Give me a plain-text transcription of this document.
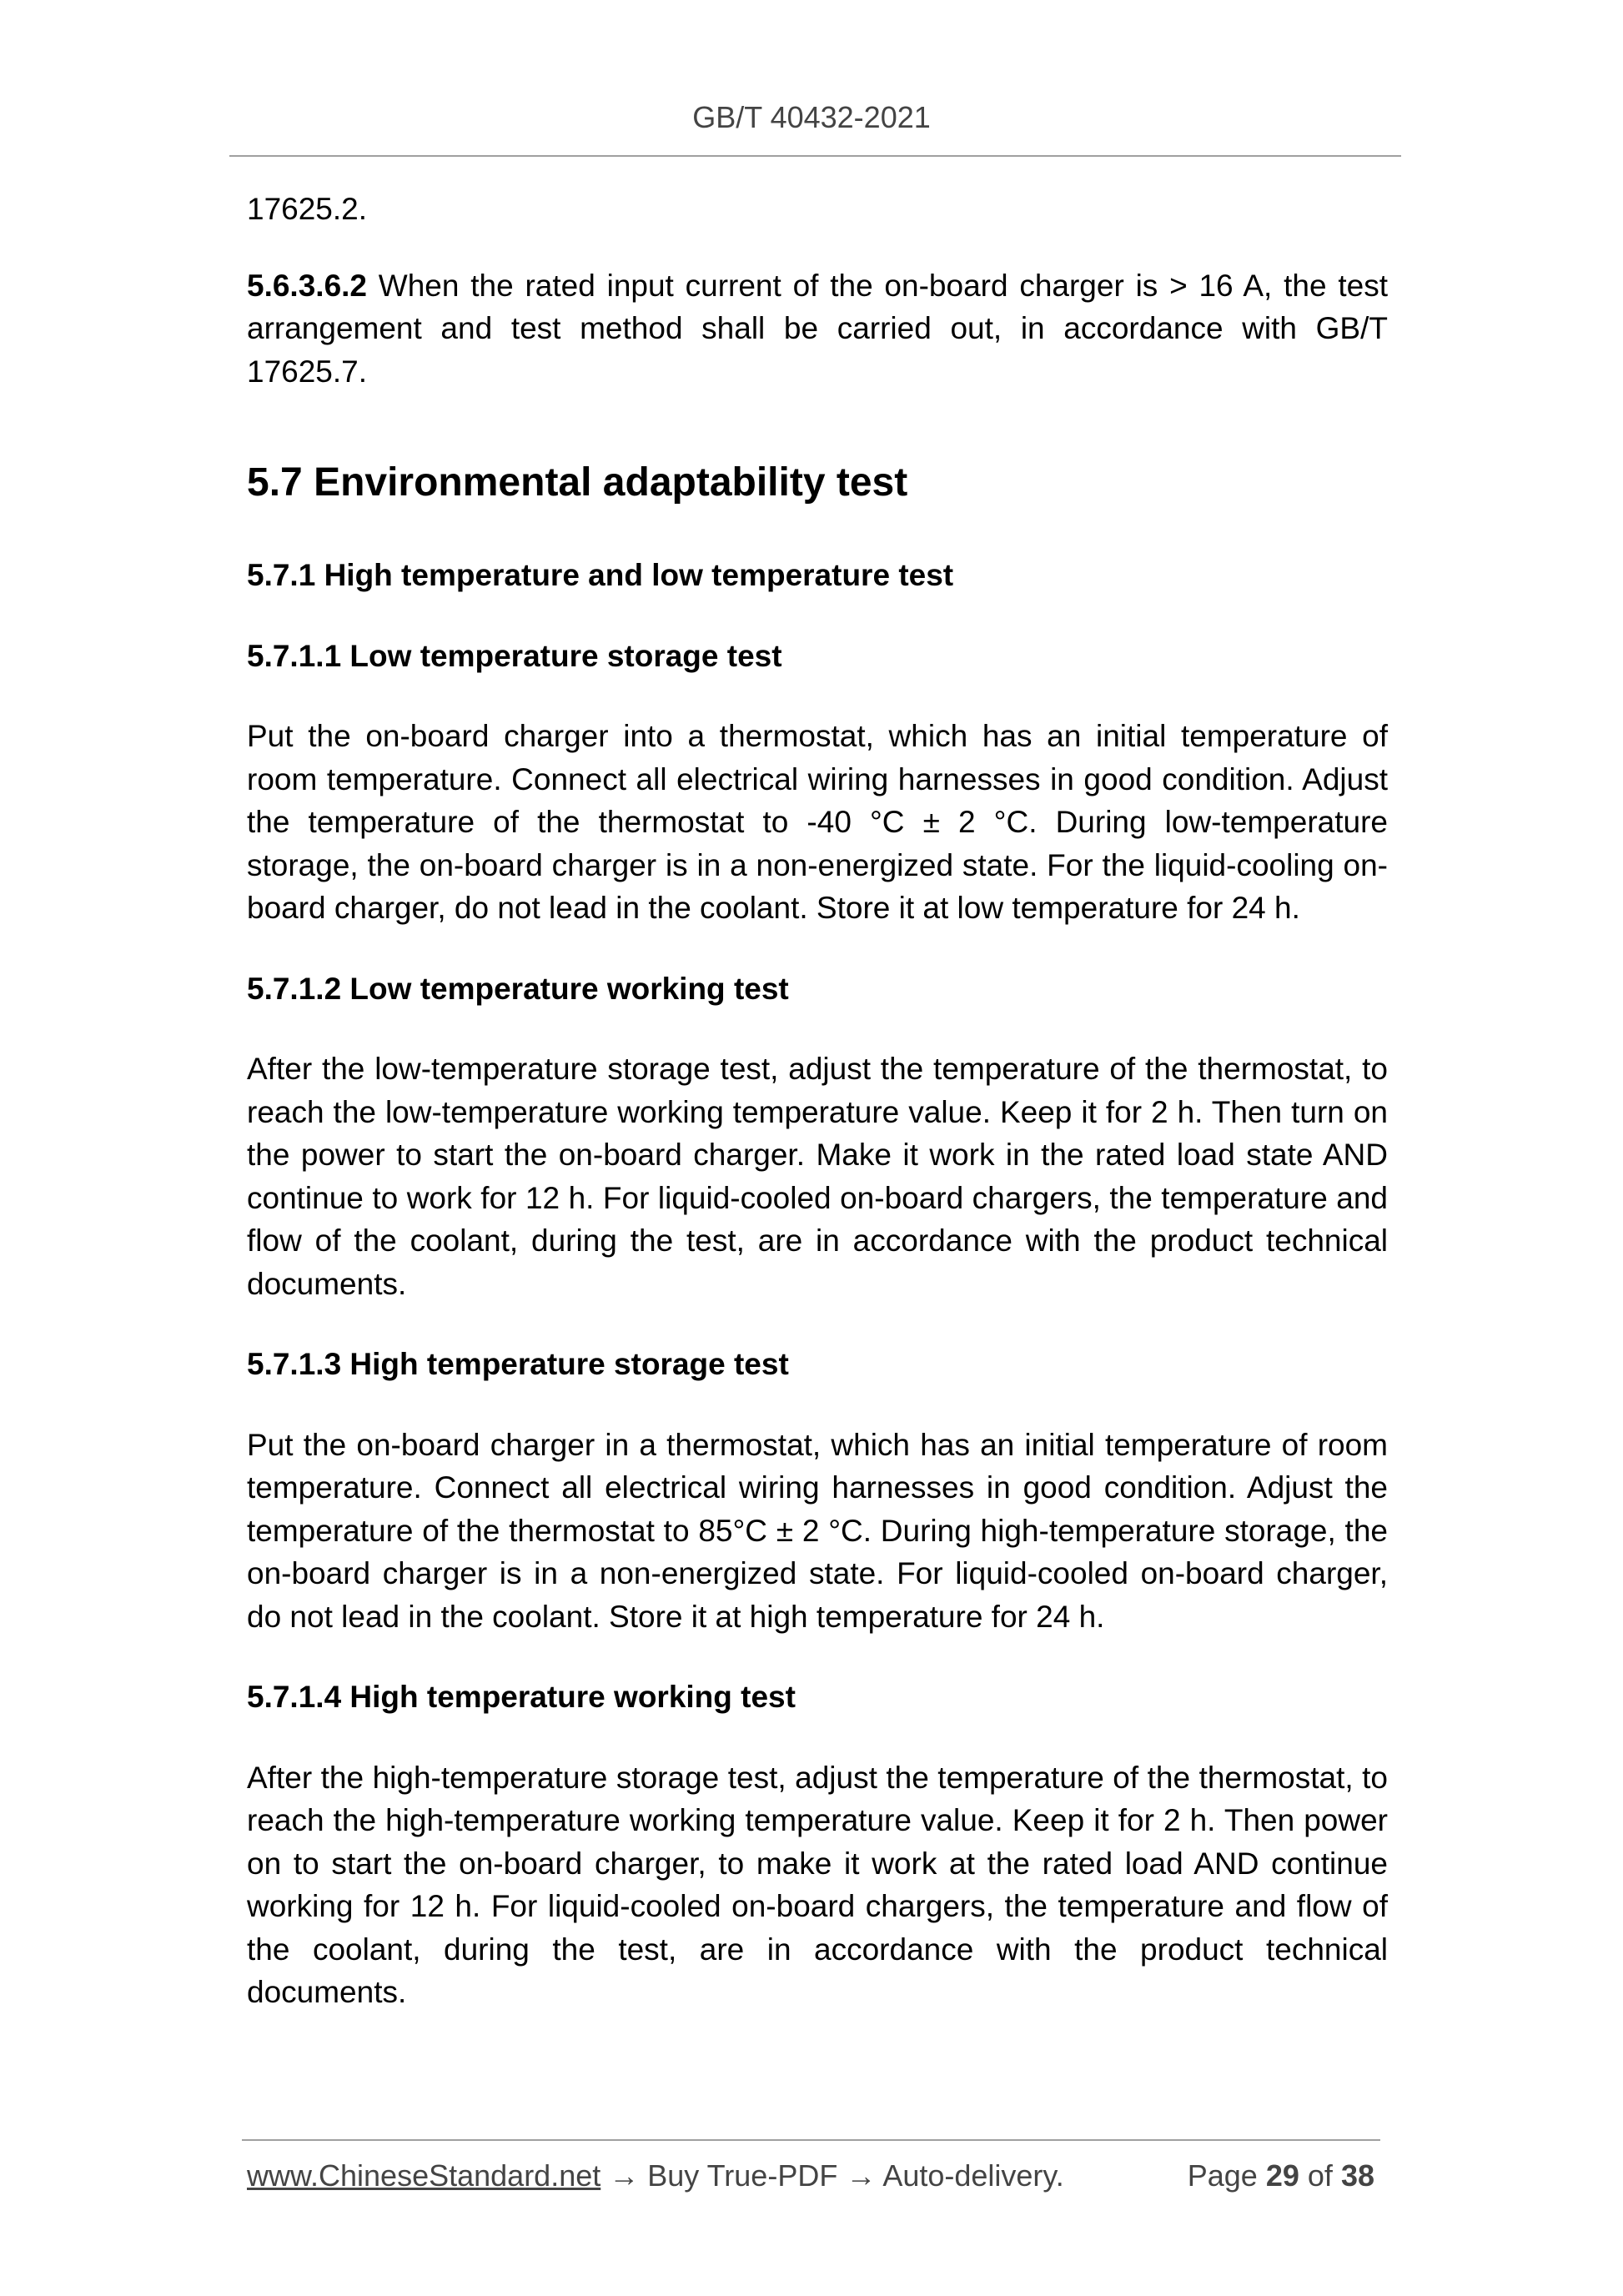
GB/T 40432-2021

17625.2.

5.6.3.6.2 When the rated input current of the on-board charger is > 16 A, the test arrangement and test method shall be carried out, in accordance with GB/T 17625.7.

5.7 Environmental adaptability test
5.7.1 High temperature and low temperature test
5.7.1.1 Low temperature storage test

Put the on-board charger into a thermostat, which has an initial temperature of room temperature. Connect all electrical wiring harnesses in good condition. Adjust the temperature of the thermostat to -40 °C ± 2 °C. During low-temperature storage, the on-board charger is in a non-energized state. For the liquid-cooling on-board charger, do not lead in the coolant. Store it at low temperature for 24 h.

5.7.1.2 Low temperature working test

After the low-temperature storage test, adjust the temperature of the thermostat, to reach the low-temperature working temperature value. Keep it for 2 h. Then turn on the power to start the on-board charger. Make it work in the rated load state AND continue to work for 12 h. For liquid-cooled on-board chargers, the temperature and flow of the coolant, during the test, are in accordance with the product technical documents.

5.7.1.3 High temperature storage test

Put the on-board charger in a thermostat, which has an initial temperature of room temperature. Connect all electrical wiring harnesses in good condition. Adjust the temperature of the thermostat to 85°C ± 2 °C. During high-temperature storage, the on-board charger is in a non-energized state. For liquid-cooled on-board charger, do not lead in the coolant. Store it at high temperature for 24 h.

5.7.1.4 High temperature working test

After the high-temperature storage test, adjust the temperature of the thermostat, to reach the high-temperature working temperature value. Keep it for 2 h. Then power on to start the on-board charger, to make it work at the rated load AND continue working for 12 h. For liquid-cooled on-board chargers, the temperature and flow of the coolant, during the test, are in accordance with the product technical documents.

www.ChineseStandard.net → Buy True-PDF → Auto-delivery.	Page 29 of 38
